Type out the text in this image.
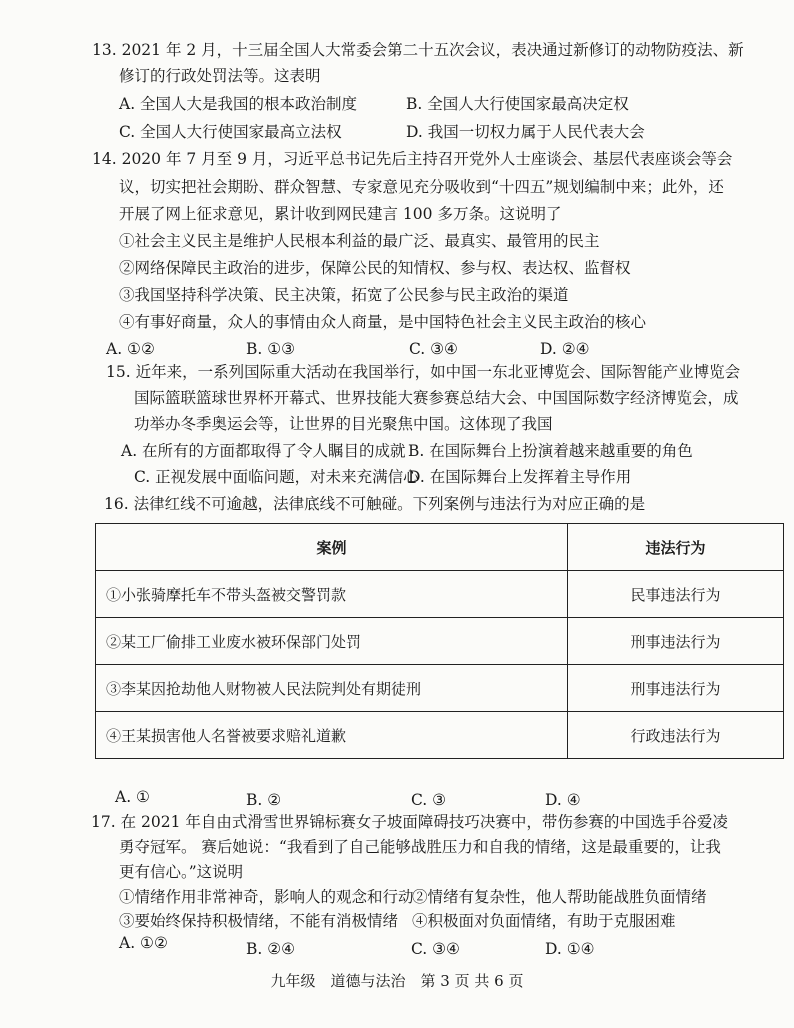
13. 2021 年 2 月，十三届全国人大常委会第二十五次会议，表决通过新修订的动物防疫法、新
修订的行政处罚法等。这表明
A. 全国人大是我国的根本政治制度	B. 全国人大行使国家最高决定权
C. 全国人大行使国家最高立法权	D. 我国一切权力属于人民代表大会
14. 2020 年 7 月至 9 月，习近平总书记先后主持召开党外人士座谈会、基层代表座谈会等会
议，切实把社会期盼、群众智慧、专家意见充分吸收到“十四五”规划编制中来；此外，还
开展了网上征求意见，累计收到网民建言 100 多万条。这说明了
①社会主义民主是维护人民根本利益的最广泛、最真实、最管用的民主
②网络保障民主政治的进步，保障公民的知情权、参与权、表达权、监督权
③我国坚持科学决策、民主决策，拓宽了公民参与民主政治的渠道
④有事好商量，众人的事情由众人商量，是中国特色社会主义民主政治的核心
A. ①②	B. ①③	C. ③④	D. ②④
15. 近年来，一系列国际重大活动在我国举行，如中国一东北亚博览会、国际智能产业博览会
国际篮联篮球世界杯开幕式、世界技能大赛参赛总结大会、中国国际数字经济博览会，成
功举办冬季奥运会等，让世界的目光聚焦中国。这体现了我国
A. 在所有的方面都取得了令人瞩目的成就 B. 在国际舞台上扮演着越来越重要的角色
C. 正视发展中面临问题，对未来充满信心
D. 在国际舞台上发挥着主导作用
16. 法律红线不可逾越，法律底线不可触碰。下列案例与违法行为对应正确的是
案例	违法行为
①小张骑摩托车不带头盔被交警罚款	民事违法行为
②某工厂偷排工业废水被环保部门处罚	刑事违法行为
③李某因抢劫他人财物被人民法院判处有期徒刑	刑事违法行为
④王某损害他人名誉被要求赔礼道歉	行政违法行为
A. ①	B. ②	C. ③	D. ④
17. 在 2021 年自由式滑雪世界锦标赛女子坡面障碍技巧决赛中，带伤参赛的中国选手谷爱凌
勇夺冠军。 赛后她说：“我看到了自己能够战胜压力和自我的情绪，这是最重要的，让我
更有信心。”这说明
①情绪作用非常神奇，影响人的观念和行动
②情绪有复杂性，他人帮助能战胜负面情绪
③要始终保持积极情绪，不能有消极情绪 ④积极面对负面情绪，有助于克服困难
A. ①②	B. ②④	C. ③④	D. ①④
九年级　道德与法治　第 3 页 共 6 页
